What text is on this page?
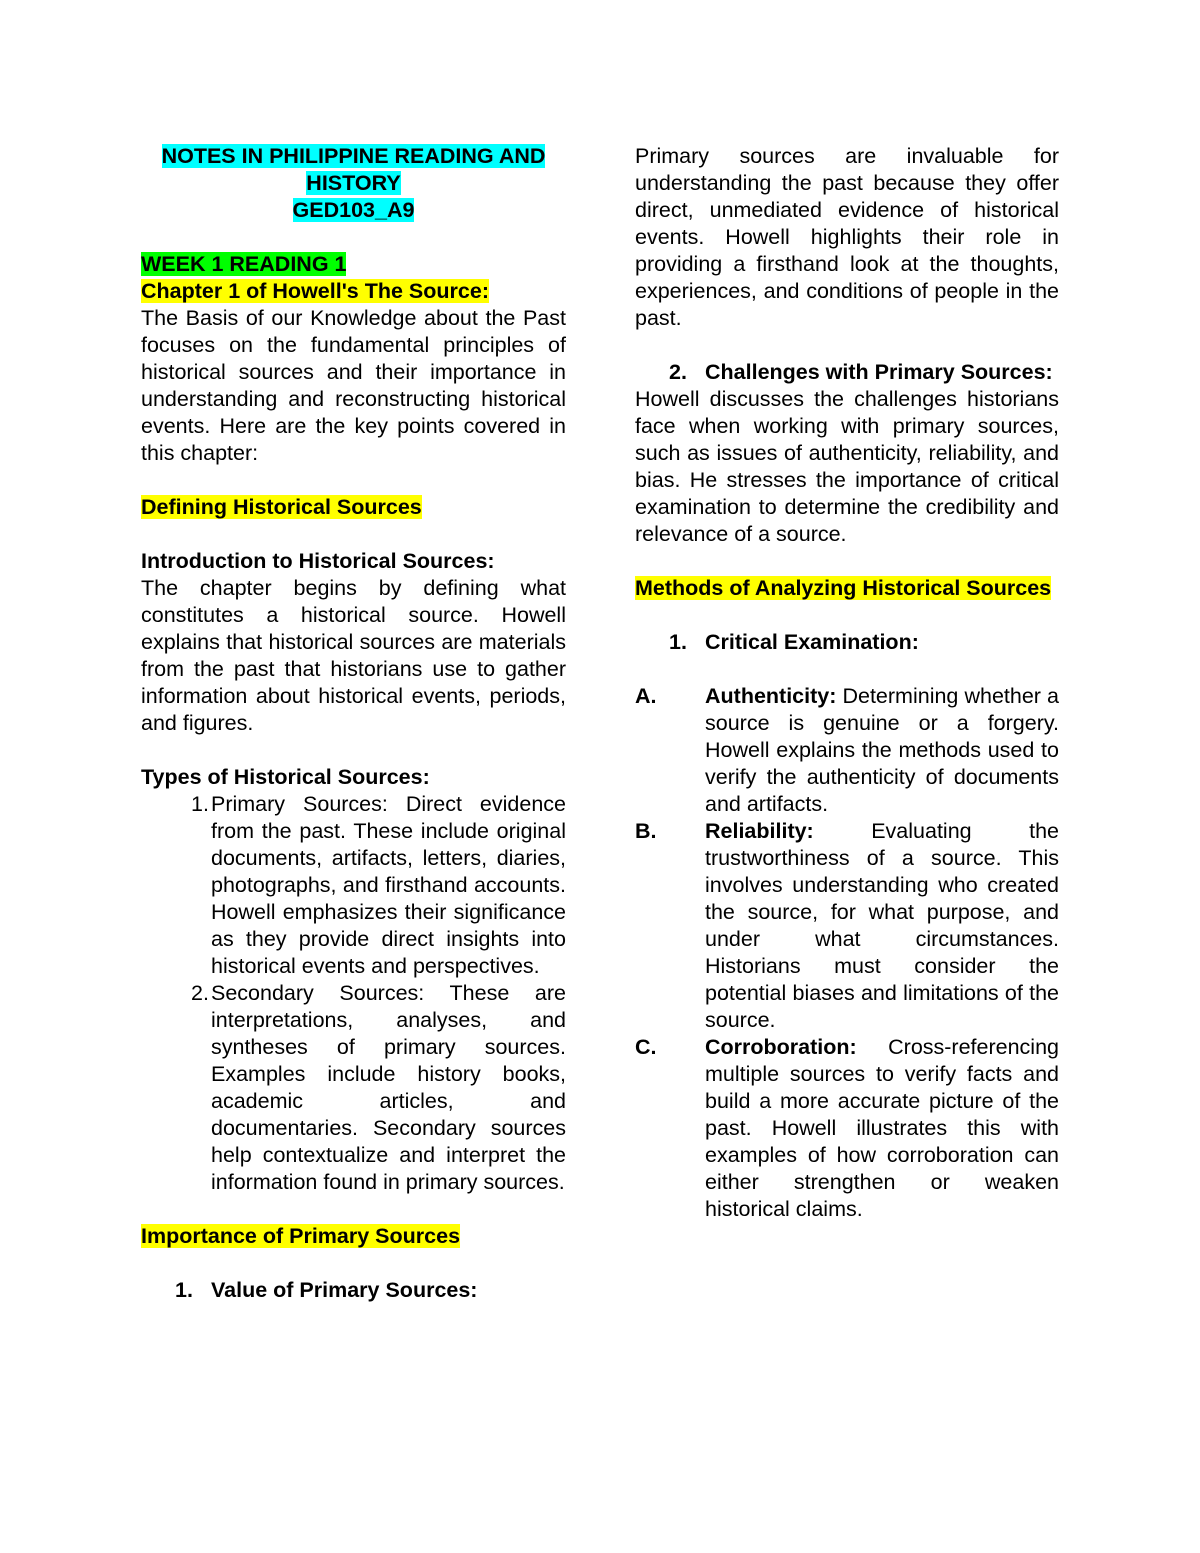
NOTES IN PHILIPPINE READING AND
HISTORY
GED103_A9

WEEK 1 READING 1

Chapter 1 of Howell's The Source:

The Basis of our Knowledge about the Past focuses on the fundamental principles of historical sources and their importance in understanding and reconstructing historical events. Here are the key points covered in this chapter:

Defining Historical Sources

Introduction to Historical Sources:

The chapter begins by defining what constitutes a historical source. Howell explains that historical sources are materials from the past that historians use to gather information about historical events, periods, and figures.

Types of Historical Sources:

1. Primary Sources: Direct evidence from the past. These include original documents, artifacts, letters, diaries, photographs, and firsthand accounts. Howell emphasizes their significance as they provide direct insights into historical events and perspectives.
2. Secondary Sources: These are interpretations, analyses, and syntheses of primary sources. Examples include history books, academic articles, and documentaries. Secondary sources help contextualize and interpret the information found in primary sources.

Importance of Primary Sources

1. Value of Primary Sources:

Primary sources are invaluable for understanding the past because they offer direct, unmediated evidence of historical events. Howell highlights their role in providing a firsthand look at the thoughts, experiences, and conditions of people in the past.

2. Challenges with Primary Sources:

Howell discusses the challenges historians face when working with primary sources, such as issues of authenticity, reliability, and bias. He stresses the importance of critical examination to determine the credibility and relevance of a source.

Methods of Analyzing Historical Sources

1. Critical Examination:
A.	Authenticity: Determining whether a source is genuine or a forgery. Howell explains the methods used to verify the authenticity of documents and artifacts.
B.	Reliability: Evaluating the trustworthiness of a source. This involves understanding who created the source, for what purpose, and under what circumstances. Historians must consider the potential biases and limitations of the source.
C.	Corroboration: Cross-referencing multiple sources to verify facts and build a more accurate picture of the past. Howell illustrates this with examples of how corroboration can either strengthen or weaken historical claims.
